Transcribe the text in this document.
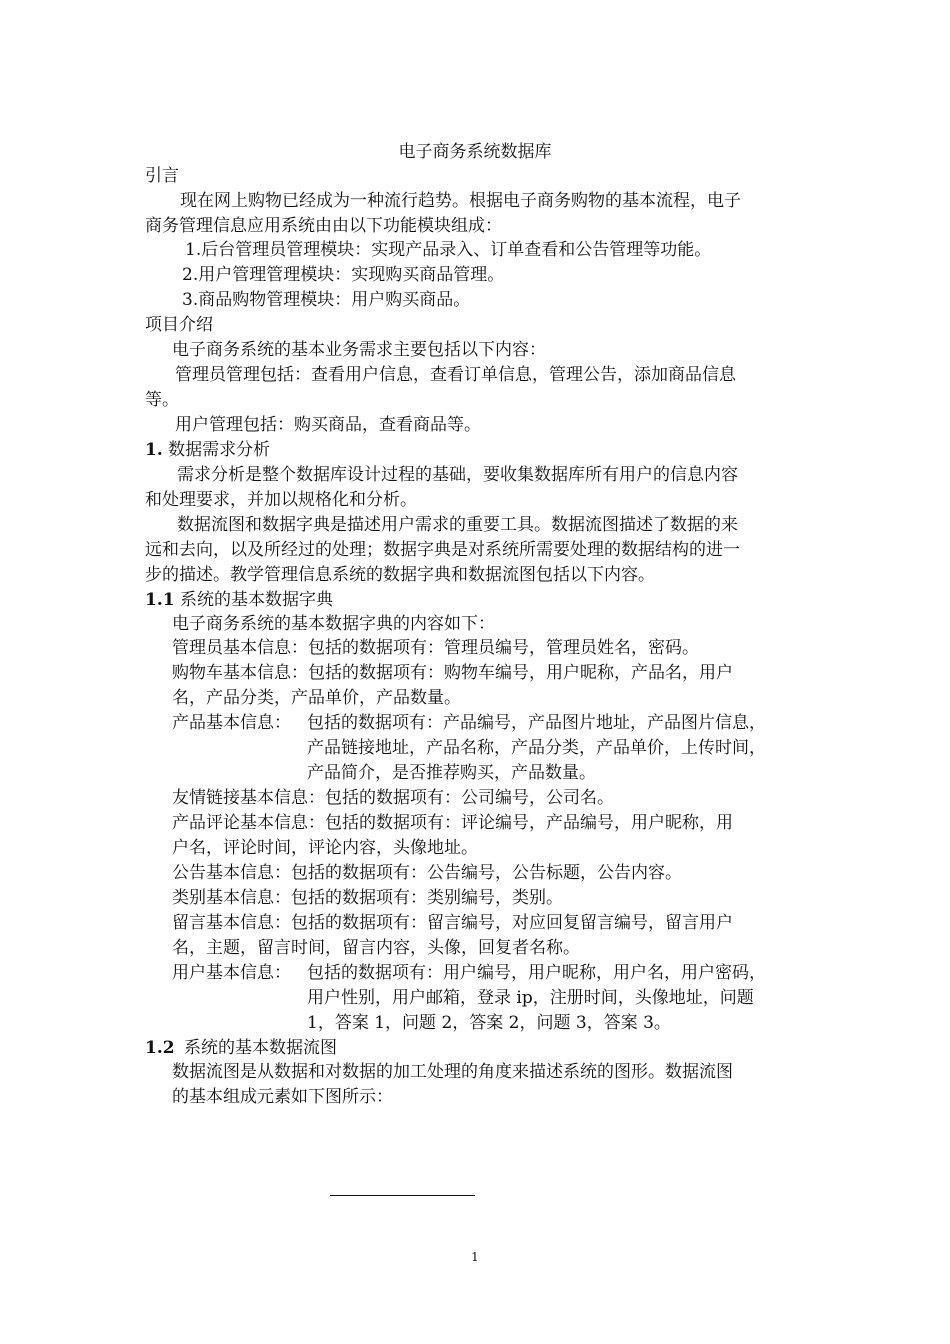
电子商务系统数据库
引言
现在网上购物已经成为一种流行趋势。根据电子商务购物的基本流程，电子
商务管理信息应用系统由由以下功能模块组成：
1.后台管理员管理模块：实现产品录入、订单查看和公告管理等功能。
2.用户管理管理模块：实现购买商品管理。
3.商品购物管理模块：用户购买商品。
项目介绍
电子商务系统的基本业务需求主要包括以下内容：
管理员管理包括：查看用户信息，查看订单信息，管理公告，添加商品信息
等。
用户管理包括：购买商品，查看商品等。
1. 数据需求分析
需求分析是整个数据库设计过程的基础，要收集数据库所有用户的信息内容
和处理要求，并加以规格化和分析。
数据流图和数据字典是描述用户需求的重要工具。数据流图描述了数据的来
远和去向，以及所经过的处理；数据字典是对系统所需要处理的数据结构的进一
步的描述。教学管理信息系统的数据字典和数据流图包括以下内容。
1.1 系统的基本数据字典
电子商务系统的基本数据字典的内容如下：
管理员基本信息：包括的数据项有：管理员编号，管理员姓名，密码。
购物车基本信息：包括的数据项有：购物车编号，用户昵称，产品名，用户
名，产品分类，产品单价，产品数量。
产品基本信息： 包括的数据项有：产品编号，产品图片地址，产品图片信息，
产品链接地址，产品名称，产品分类，产品单价，上传时间，
产品简介，是否推荐购买，产品数量。
友情链接基本信息：包括的数据项有：公司编号，公司名。
产品评论基本信息：包括的数据项有：评论编号，产品编号，用户昵称，用
户名，评论时间，评论内容，头像地址。
公告基本信息：包括的数据项有：公告编号，公告标题，公告内容。
类别基本信息：包括的数据项有：类别编号，类别。
留言基本信息：包括的数据项有：留言编号，对应回复留言编号，留言用户
名，主题，留言时间，留言内容，头像，回复者名称。
用户基本信息： 包括的数据项有：用户编号，用户昵称，用户名，用户密码，
用户性别，用户邮箱，登录 ip，注册时间，头像地址，问题
1，答案 1，问题 2，答案 2，问题 3，答案 3。
1.2 系统的基本数据流图
数据流图是从数据和对数据的加工处理的角度来描述系统的图形。数据流图
的基本组成元素如下图所示：
1
